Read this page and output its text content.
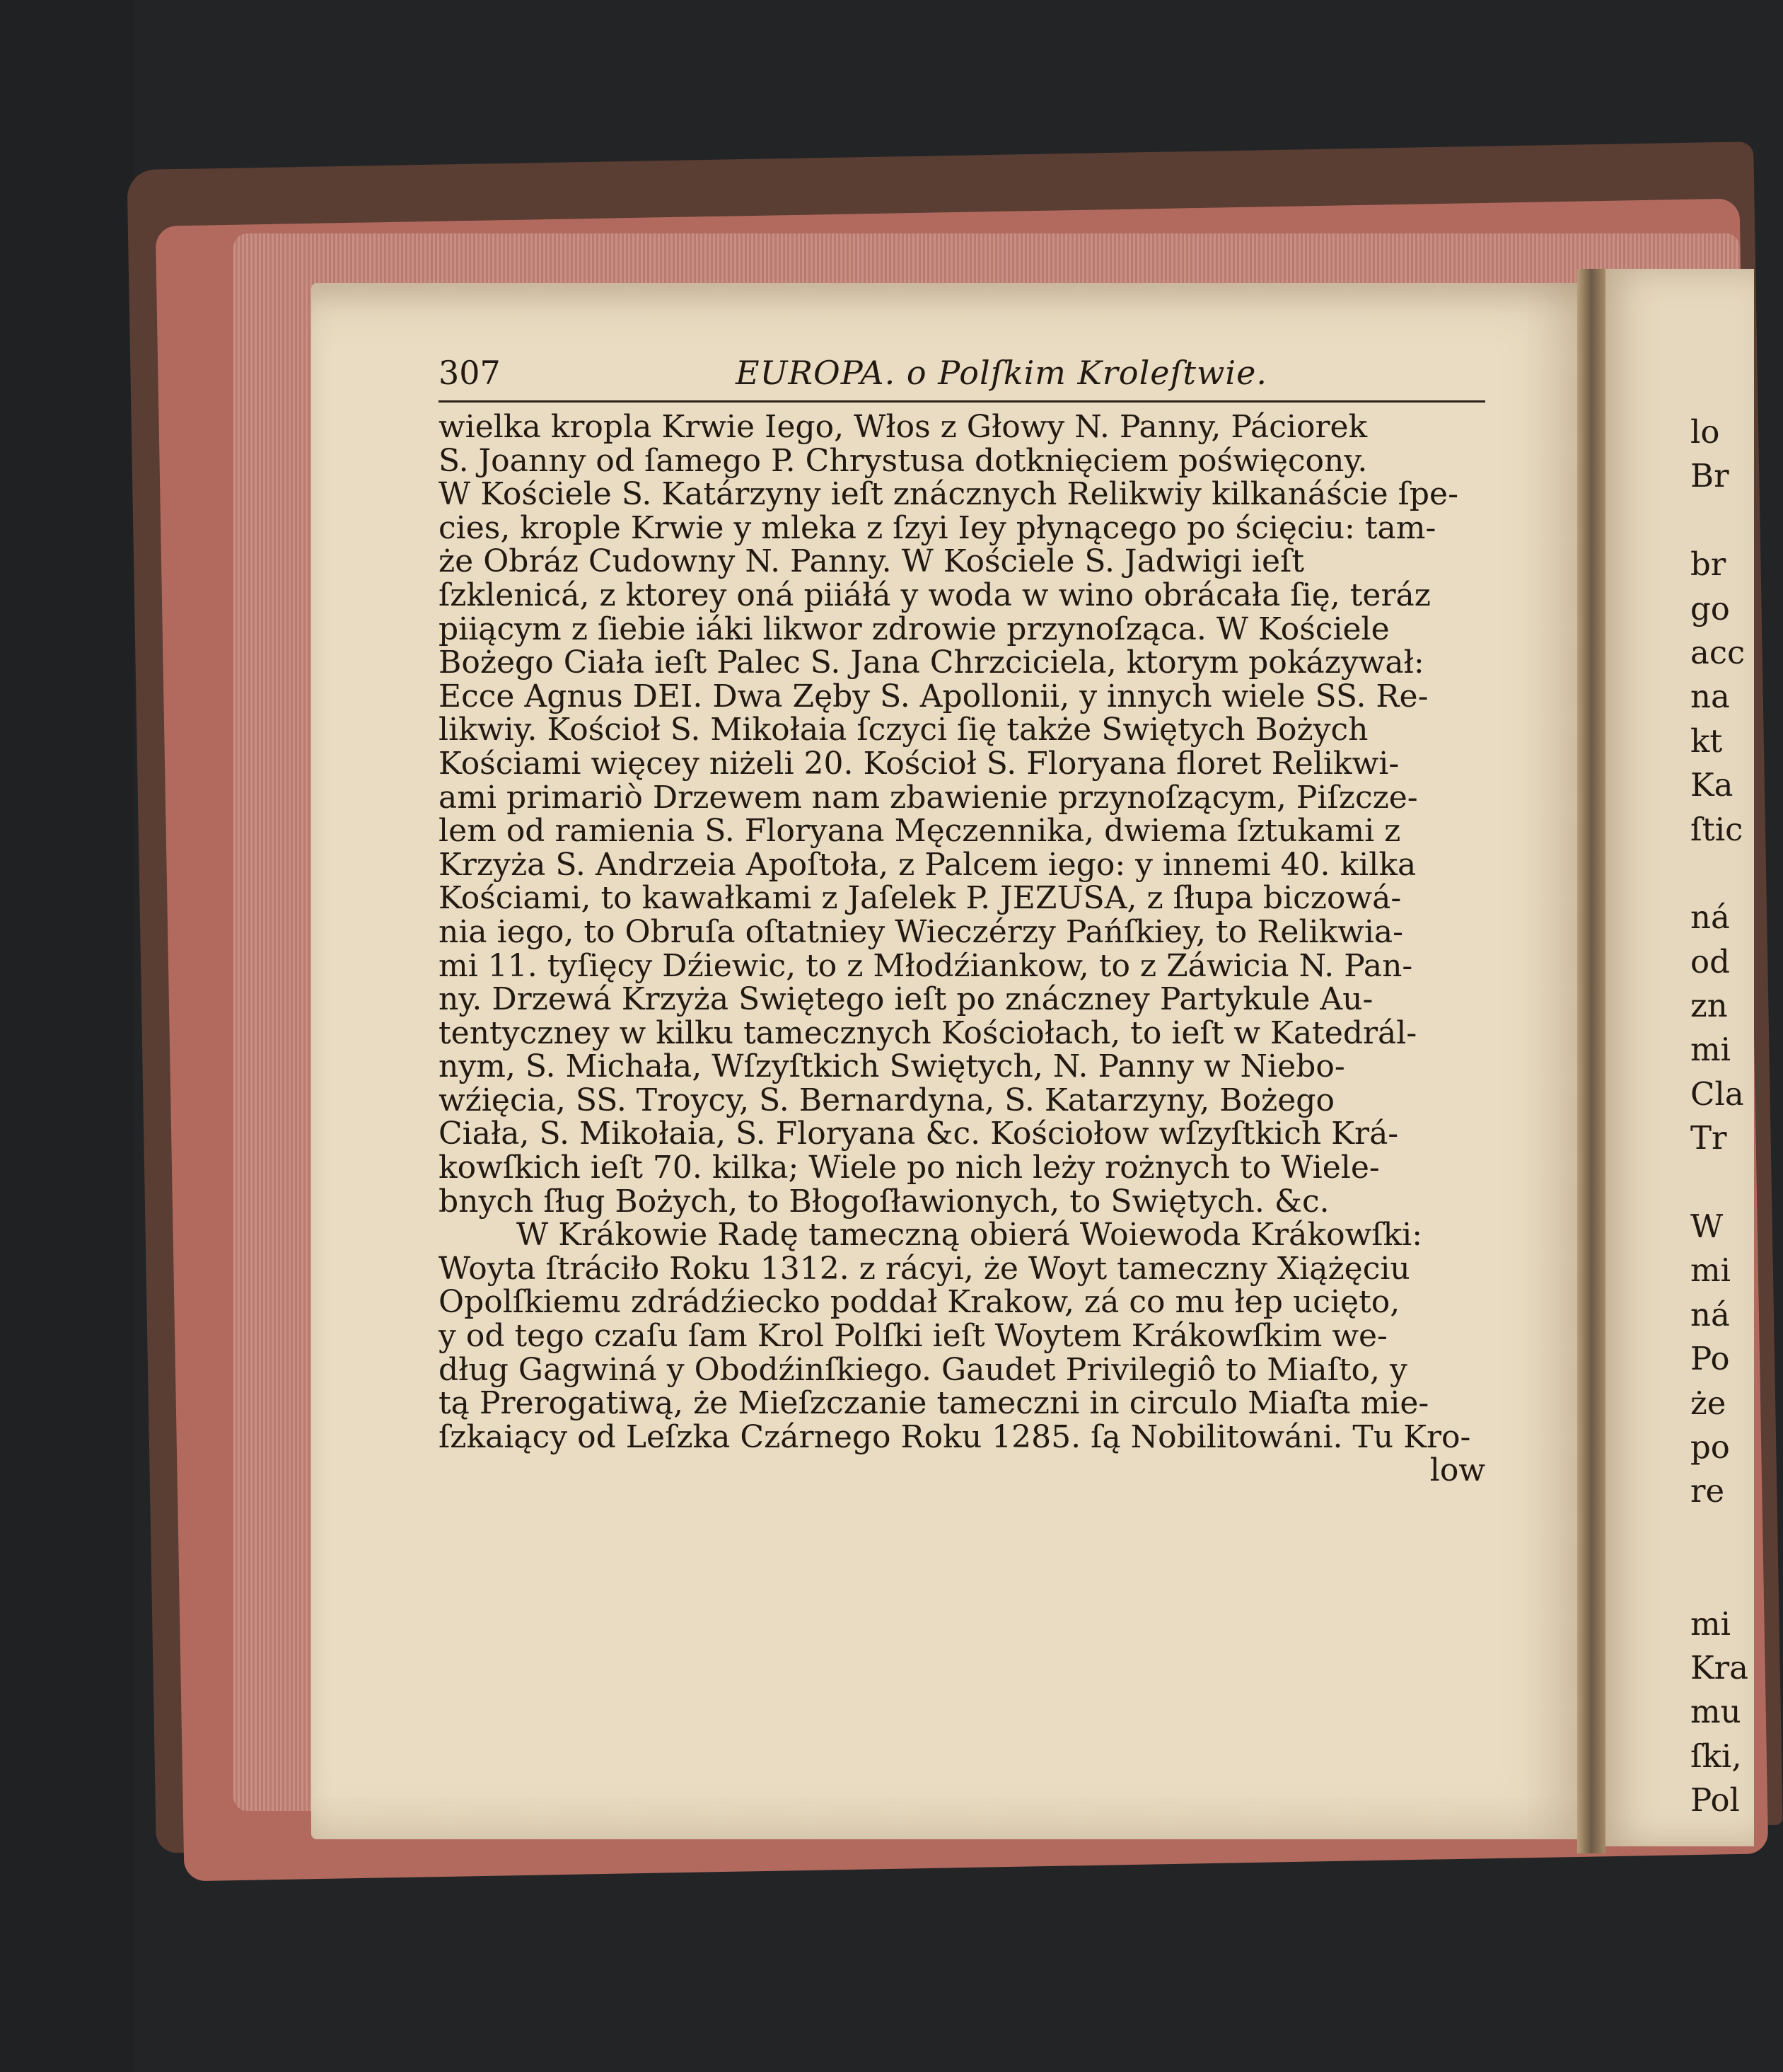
307	EUROPA. o Polſkim Kroleſtwie.
wielka kropla Krwie Iego, Włos z Głowy N. Panny, Páciorek
S. Joanny od ſamego P. Chrystusa dotknięciem poświęcony.
W Kościele S. Katárzyny ieſt znácznych Relikwiy kilkanáście ſpe-
cies, krople Krwie y mleka z ſzyi Iey płynącego po ścięciu: tam-
że Obráz Cudowny N. Panny. W Kościele S. Jadwigi ieſt
ſzklenicá, z ktorey oná piiáłá y woda w wino obrácała ſię, teráz
piiącym z ſiebie iáki likwor zdrowie przynoſząca. W Kościele
Bożego Ciała ieſt Palec S. Jana Chrzciciela, ktorym pokázywał:
Ecce Agnus DEI. Dwa Zęby S. Apollonii, y innych wiele SS. Re-
likwiy. Kościoł S. Mikołaia ſczyci ſię także Swiętych Bożych
Kościami więcey niżeli 20. Kościoł S. Floryana floret Relikwi-
ami primariò Drzewem nam zbawienie przynoſzącym, Piſzcze-
lem od ramienia S. Floryana Męczennika, dwiema ſztukami z
Krzyża S. Andrzeia Apoſtoła, z Palcem iego: y innemi 40. kilka
Kościami, to kawałkami z Jaſelek P. JEZUSA, z ſłupa biczowá-
nia iego, to Obruſa oſtatniey Wieczérzy Pańſkiey, to Relikwia-
mi 11. tyſięcy Dźiewic, to z Młodźiankow, to z Záwicia N. Pan-
ny. Drzewá Krzyża Swiętego ieſt po znáczney Partykule Au-
tentyczney w kilku tamecznych Kościołach, to ieſt w Katedrál-
nym, S. Michała, Wſzyſtkich Swiętych, N. Panny w Niebo-
wźięcia, SS. Troycy, S. Bernardyna, S. Katarzyny, Bożego
Ciała, S. Mikołaia, S. Floryana &c. Kościołow wſzyſtkich Krá-
kowſkich ieſt 70. kilka; Wiele po nich leży rożnych to Wiele-
bnych ſług Bożych, to Błogoſławionych, to Swiętych. &c.
W Krákowie Radę tameczną obierá Woiewoda Krákowſki:
Woyta ſtráciło Roku 1312. z rácyi, że Woyt tameczny Xiążęciu
Opolſkiemu zdrádźiecko poddał Krakow, zá co mu łep ucięto,
y od tego czaſu ſam Krol Polſki ieſt Woytem Krákowſkim we-
dług Gagwiná y Obodźinſkiego. Gaudet Privilegiô to Miaſto, y
tą Prerogatiwą, że Mieſzczanie tameczni in circulo Miaſta mie-
ſzkaiący od Leſzka Czárnego Roku 1285. ſą Nobilitowáni. Tu Kro-
low
lo
Br
br
go
acc
na
kt
Ka
ſtic
ná
od
zn
mi
Cla
Tr
W
mi
ná
Po
że
po
re
mi
Kra
mu
ſki,
Pol
